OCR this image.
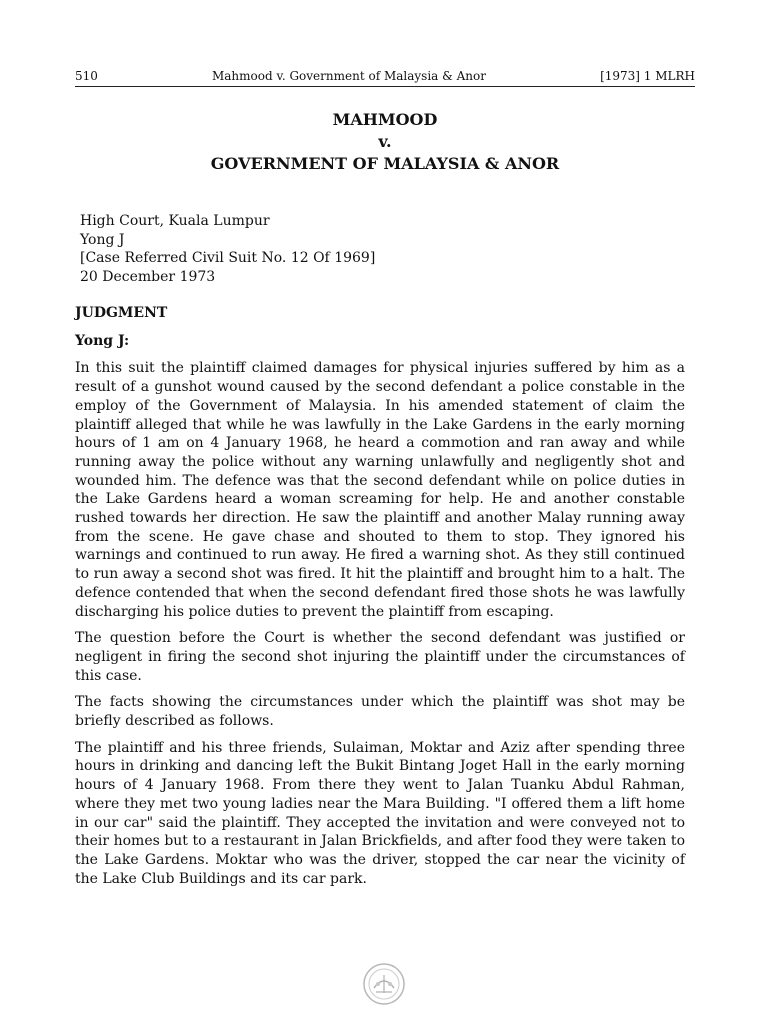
510	Mahmood v. Government of Malaysia & Anor	[1973] 1 MLRH
MAHMOOD
v.
GOVERNMENT OF MALAYSIA & ANOR
High Court, Kuala Lumpur
Yong J
[Case Referred Civil Suit No. 12 Of 1969]
20 December 1973
JUDGMENT
Yong J:

In this suit the plaintiff claimed damages for physical injuries suffered by him as a result of a gunshot wound caused by the second defendant a police constable in the employ of the Government of Malaysia. In his amended statement of claim the plaintiff alleged that while he was lawfully in the Lake Gardens in the early morning hours of 1 am on 4 January 1968, he heard a commotion and ran away and while running away the police without any warning unlawfully and negligently shot and wounded him. The defence was that the second defendant while on police duties in the Lake Gardens heard a woman screaming for help. He and another constable rushed towards her direction. He saw the plaintiff and another Malay running away from the scene. He gave chase and shouted to them to stop. They ignored his warnings and continued to run away. He fired a warning shot. As they still continued to run away a second shot was fired. It hit the plaintiff and brought him to a halt. The defence contended that when the second defendant fired those shots he was lawfully discharging his police duties to prevent the plaintiff from escaping.

The question before the Court is whether the second defendant was justified or negligent in firing the second shot injuring the plaintiff under the circumstances of this case.

The facts showing the circumstances under which the plaintiff was shot may be briefly described as follows.

The plaintiff and his three friends, Sulaiman, Moktar and Aziz after spending three hours in drinking and dancing left the Bukit Bintang Joget Hall in the early morning hours of 4 January 1968. From there they went to Jalan Tuanku Abdul Rahman, where they met two young ladies near the Mara Building. "I offered them a lift home in our car" said the plaintiff. They accepted the invitation and were conveyed not to their homes but to a restaurant in Jalan Brickfields, and after food they were taken to the Lake Gardens. Moktar who was the driver, stopped the car near the vicinity of the Lake Club Buildings and its car park.
